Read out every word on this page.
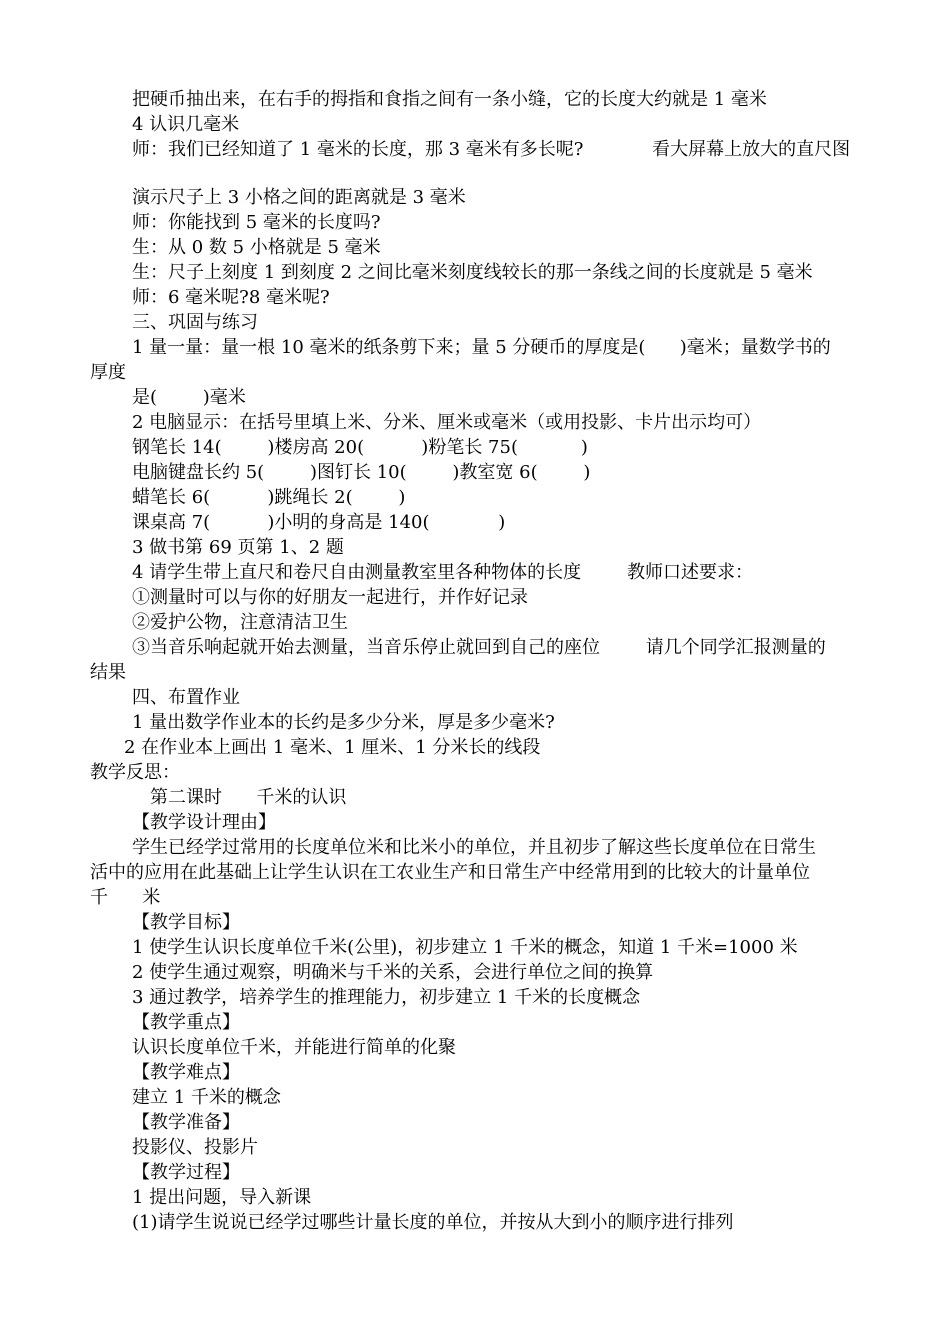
把硬币抽出来，在右手的拇指和食指之间有一条小缝，它的长度大约就是 1 毫米
4 认识几毫米
师：我们已经知道了 1 毫米的长度，那 3 毫米有多长呢?            看大屏幕上放大的直尺图
演示尺子上 3 小格之间的距离就是 3 毫米
师：你能找到 5 毫米的长度吗?
生：从 0 数 5 小格就是 5 毫米
生：尺子上刻度 1 到刻度 2 之间比毫米刻度线较长的那一条线之间的长度就是 5 毫米
师：6 毫米呢?8 毫米呢?
三、巩固与练习
1 量一量：量一根 10 毫米的纸条剪下来；量 5 分硬币的厚度是(      )毫米；量数学书的
厚度
是(        )毫米
2 电脑显示：在括号里填上米、分米、厘米或毫米（或用投影、卡片出示均可）
钢笔长 14(        )楼房高 20(          )粉笔长 75(           )
电脑键盘长约 5(        )图钉长 10(        )教室宽 6(        )
蜡笔长 6(          )跳绳长 2(        )
课桌高 7(          )小明的身高是 140(            )
3 做书第 69 页第 1、2 题
4 请学生带上直尺和卷尺自由测量教室里各种物体的长度        教师口述要求：
①测量时可以与你的好朋友一起进行，并作好记录
②爱护公物，注意清洁卫生
③当音乐响起就开始去测量，当音乐停止就回到自己的座位        请几个同学汇报测量的
结果
四、布置作业
1 量出数学作业本的长约是多少分米，厚是多少毫米?
2 在作业本上画出 1 毫米、1 厘米、1 分米长的线段
教学反思：
第二课时      千米的认识
【教学设计理由】
学生已经学过常用的长度单位米和比米小的单位，并且初步了解这些长度单位在日常生
活中的应用在此基础上让学生认识在工农业生产和日常生产中经常用到的比较大的计量单位
千      米
【教学目标】
1 使学生认识长度单位千米(公里)，初步建立 1 千米的概念，知道 1 千米=1000 米
2 使学生通过观察，明确米与千米的关系，会进行单位之间的换算
3 通过教学，培养学生的推理能力，初步建立 1 千米的长度概念
【教学重点】
认识长度单位千米，并能进行简单的化聚
【教学难点】
建立 1 千米的概念
【教学准备】
投影仪、投影片
【教学过程】
1 提出问题，导入新课
(1)请学生说说已经学过哪些计量长度的单位，并按从大到小的顺序进行排列
